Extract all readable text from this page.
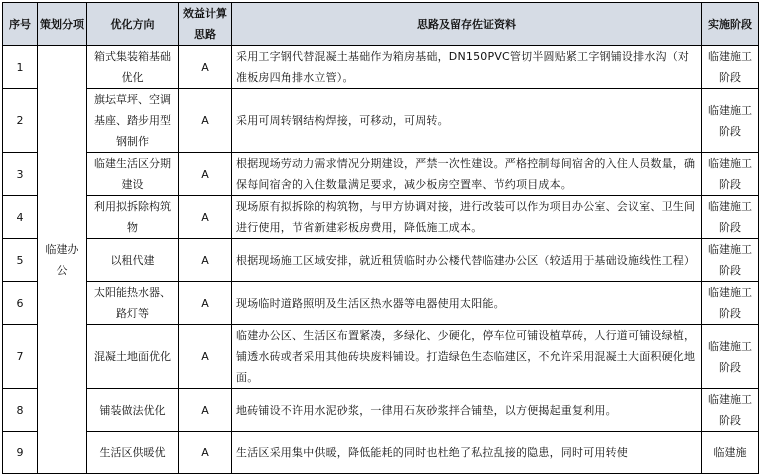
序号	策划分项	优化方向	效益计算思路	思路及留存佐证资料	实施阶段
1	临建办公	箱式集装箱基础优化	A	采用工字钢代替混凝土基础作为箱房基础，DN150PVC管切半圆贴紧工字钢铺设排水沟（对准板房四角排水立管）。	临建施工阶段
2		旗坛草坪、空调基座、踏步用型钢制作	A	采用可周转钢结构焊接，可移动，可周转。	临建施工阶段
3		临建生活区分期建设	A	根据现场劳动力需求情况分期建设，严禁一次性建设。严格控制每间宿舍的入住人员数量，确保每间宿舍的入住数量满足要求，减少板房空置率、节约项目成本。	临建施工阶段
4		利用拟拆除构筑物	A	现场原有拟拆除的构筑物，与甲方协调对接，进行改装可以作为项目办公室、会议室、卫生间进行使用，节省新建彩板房费用，降低施工成本。	临建施工阶段
5		以租代建	A	根据现场施工区域安排，就近租赁临时办公楼代替临建办公区（较适用于基础设施线性工程）	临建施工阶段
6		太阳能热水器、路灯等	A	现场临时道路照明及生活区热水器等电器使用太阳能。	临建施工阶段
7		混凝土地面优化	A	临建办公区、生活区布置紧凑，多绿化、少硬化，停车位可铺设植草砖，人行道可铺设绿植，铺透水砖或者采用其他砖块废料铺设。打造绿色生态临建区，不允许采用混凝土大面积硬化地面。	临建施工阶段
8		铺装做法优化	A	地砖铺设不许用水泥砂浆，一律用石灰砂浆拌合铺垫，以方便揭起重复利用。	临建施工阶段
9		生活区供暖优	A	生活区采用集中供暖，降低能耗的同时也杜绝了私拉乱接的隐患，同时可用转使	临建施
